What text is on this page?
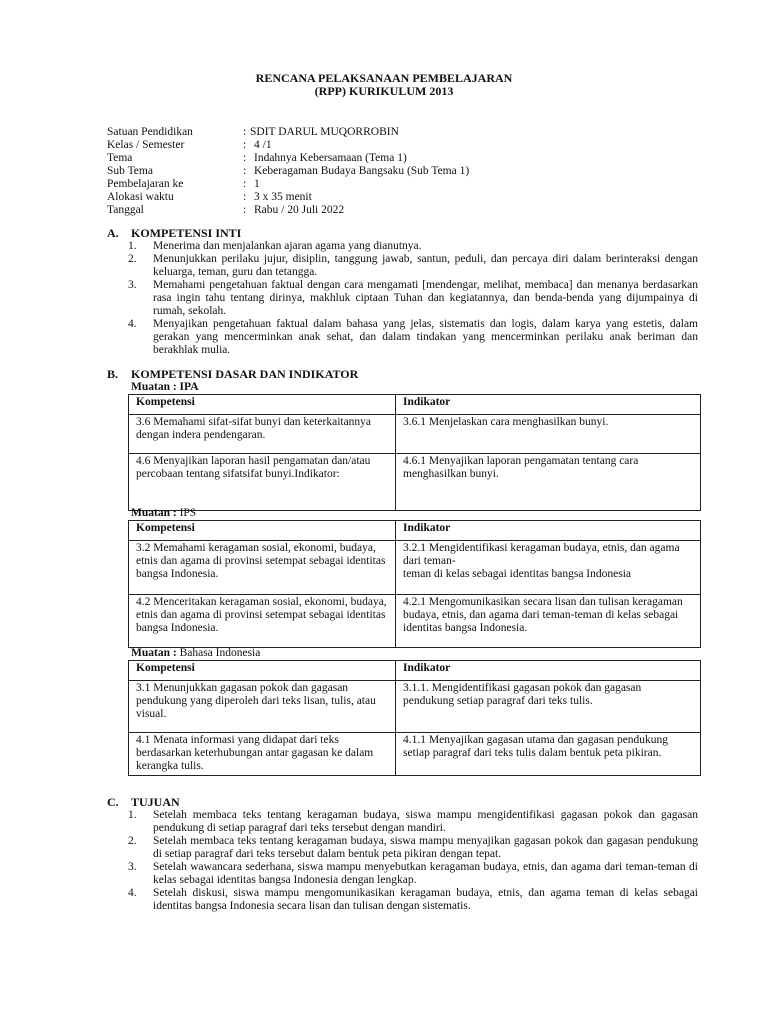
RENCANA PELAKSANAAN PEMBELAJARAN
(RPP) KURIKULUM 2013
Satuan Pendidikan	: SDIT DARUL MUQORROBIN
Kelas / Semester	: 4 /1
Tema	: Indahnya Kebersamaan (Tema 1)
Sub Tema	: Keberagaman Budaya Bangsaku (Sub Tema 1)
Pembelajaran ke	: 1
Alokasi waktu	: 3 x 35 menit
Tanggal	: Rabu / 20 Juli 2022
A. KOMPETENSI INTI
1. Menerima dan menjalankan ajaran agama yang dianutnya.
2. Menunjukkan perilaku jujur, disiplin, tanggung jawab, santun, peduli, dan percaya diri dalam berinteraksi dengan keluarga, teman, guru dan tetangga.
3. Memahami pengetahuan faktual dengan cara mengamati [mendengar, melihat, membaca] dan menanya berdasarkan rasa ingin tahu tentang dirinya, makhluk ciptaan Tuhan dan kegiatannya, dan benda-benda yang dijumpainya di rumah, sekolah.
4. Menyajikan pengetahuan faktual dalam bahasa yang jelas, sistematis dan logis, dalam karya yang estetis, dalam gerakan yang mencerminkan anak sehat, dan dalam tindakan yang mencerminkan perilaku anak beriman dan berakhlak mulia.
B. KOMPETENSI DASAR DAN INDIKATOR
Muatan : IPA
Kompetensi	Indikator
3.6 Memahami sifat-sifat bunyi dan keterkaitannya dengan indera pendengaran.	3.6.1 Menjelaskan cara menghasilkan bunyi.
4.6 Menyajikan laporan hasil pengamatan dan/atau percobaan tentang sifatsifat bunyi.Indikator:	4.6.1 Menyajikan laporan pengamatan tentang cara menghasilkan bunyi.
Muatan : IPS
Kompetensi	Indikator
3.2 Memahami keragaman sosial, ekonomi, budaya, etnis dan agama di provinsi setempat sebagai identitas bangsa Indonesia.	3.2.1 Mengidentifikasi keragaman budaya, etnis, dan agama dari teman-
teman di kelas sebagai identitas bangsa Indonesia

4.2 Menceritakan keragaman sosial, ekonomi, budaya, etnis dan agama di provinsi setempat sebagai identitas bangsa Indonesia.	4.2.1 Mengomunikasikan secara lisan dan tulisan keragaman budaya, etnis, dan agama dari teman-teman di kelas sebagai identitas bangsa Indonesia.
Muatan : Bahasa Indonesia
Kompetensi	Indikator
3.1 Menunjukkan gagasan pokok dan gagasan pendukung yang diperoleh dari teks lisan, tulis, atau visual.	3.1.1. Mengidentifikasi gagasan pokok dan gagasan pendukung setiap paragraf dari teks tulis.
4.1 Menata informasi yang didapat dari teks berdasarkan keterhubungan antar gagasan ke dalam kerangka tulis.	4.1.1 Menyajikan gagasan utama dan gagasan pendukung setiap paragraf dari teks tulis dalam bentuk peta pikiran.
C. TUJUAN
1. Setelah membaca teks tentang keragaman budaya, siswa mampu mengidentifikasi gagasan pokok dan gagasan pendukung di setiap paragraf dari teks tersebut dengan mandiri.
2. Setelah membaca teks tentang keragaman budaya, siswa mampu menyajikan gagasan pokok dan gagasan pendukung di setiap paragraf dari teks tersebut dalam bentuk peta pikiran dengan tepat.
3. Setelah wawancara sederhana, siswa mampu menyebutkan keragaman budaya, etnis, dan agama dari teman-teman di kelas sebagai identitas bangsa Indonesia dengan lengkap.
4. Setelah diskusi, siswa mampu mengomunikasikan keragaman budaya, etnis, dan agama teman di kelas sebagai identitas bangsa Indonesia secara lisan dan tulisan dengan sistematis.
